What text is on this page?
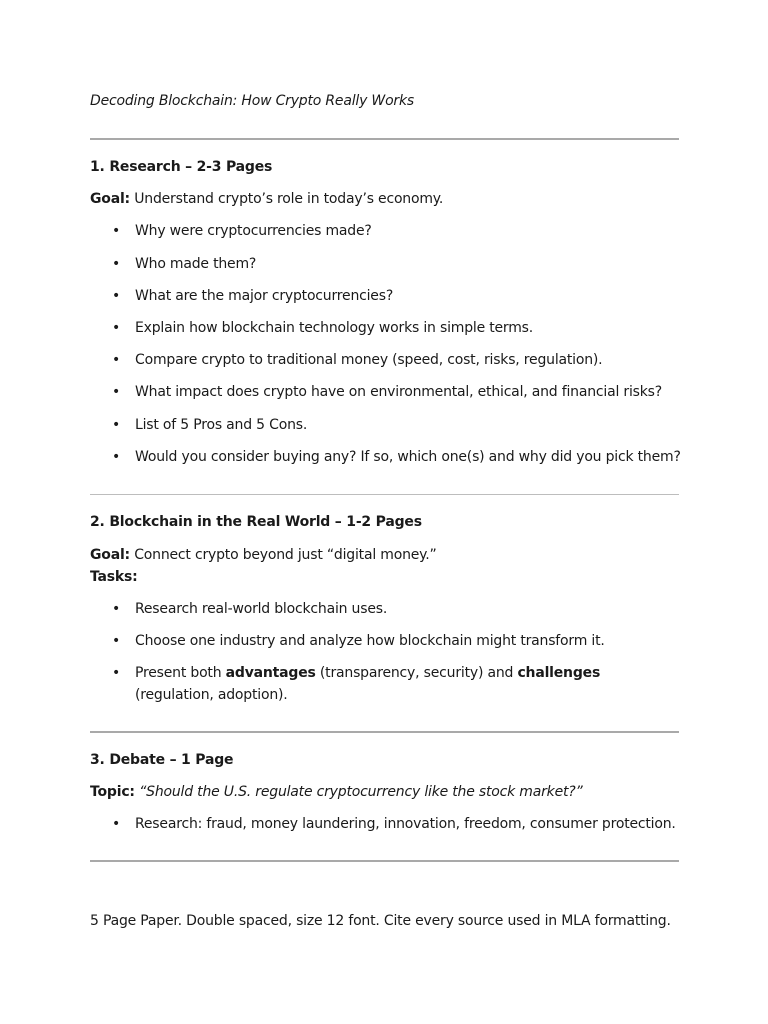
Decoding Blockchain: How Crypto Really Works
1. Research – 2-3 Pages
Goal: Understand crypto’s role in today’s economy.
• Why were cryptocurrencies made?
• Who made them?
• What are the major cryptocurrencies?
• Explain how blockchain technology works in simple terms.
• Compare crypto to traditional money (speed, cost, risks, regulation).
• What impact does crypto have on environmental, ethical, and financial risks?
• List of 5 Pros and 5 Cons.
• Would you consider buying any? If so, which one(s) and why did you pick them?
2. Blockchain in the Real World – 1-2 Pages
Goal: Connect crypto beyond just “digital money.”
Tasks:
• Research real-world blockchain uses.
• Choose one industry and analyze how blockchain might transform it.
• Present both advantages (transparency, security) and challenges (regulation, adoption).
3. Debate – 1 Page
Topic: “Should the U.S. regulate cryptocurrency like the stock market?”
• Research: fraud, money laundering, innovation, freedom, consumer protection.
5 Page Paper. Double spaced, size 12 font. Cite every source used in MLA formatting.
